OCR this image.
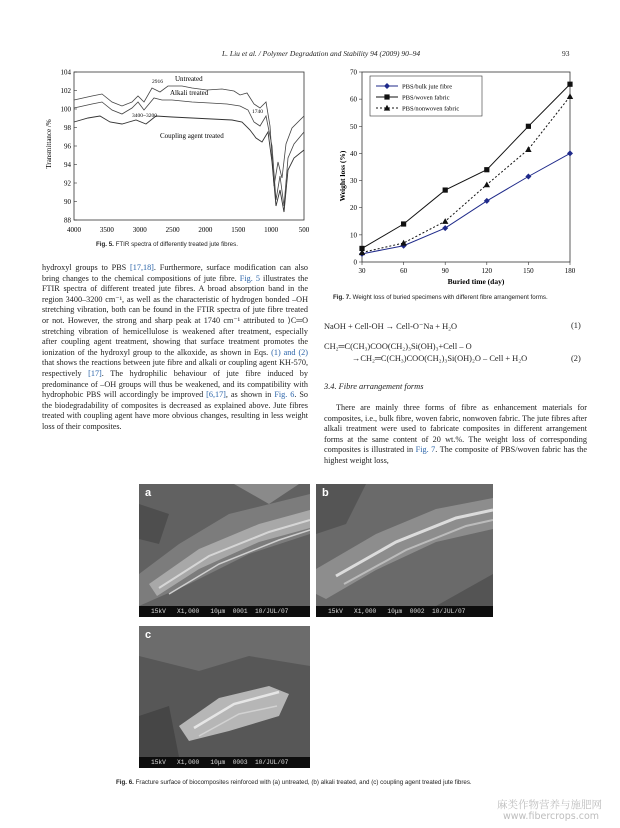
L. Liu et al. / Polymer Degradation and Stability 94 (2009) 90–94	93
Transmittance /%
104
102
100
98
96
94
92
90
88
4000	3500	3000	2500	2000	1500	1000	500
Untreated
2916
Alkali treated
3400~3200
1740
Coupling agent treated
Fig. 5. FTIR spectra of differently treated jute fibres.
0
10
20
30
40
50
60
70
30	60	90	120	150	180
PBS/bulk jute fibre
PBS/woven fabric
PBS/nonwoven fabric
Weight loss (%)
Buried time (day)
Fig. 7. Weight loss of buried specimens with different fibre arrangement forms.

hydroxyl groups to PBS [17,18]. Furthermore, surface modification can also bring changes to the chemical compositions of jute fibre. Fig. 5 illustrates the FTIR spectra of different treated jute fibres. A broad absorption band in the region 3400–3200 cm⁻¹, as well as the characteristic of hydrogen bonded –OH stretching vibration, both can be found in the FTIR spectra of jute fibre treated or not. However, the strong and sharp peak at 1740 cm⁻¹ attributed to ⟩C═O stretching vibration of hemicellulose is weakened after treatment, especially after coupling agent treatment, showing that surface treatment promotes the ionization of the hydroxyl group to the alkoxide, as shown in Eqs. (1) and (2) that shows the reactions between jute fibre and alkali or coupling agent KH-570, respectively [17]. The hydrophilic behaviour of jute fibre induced by predominance of –OH groups will thus be weakened, and its compatibility with hydrophobic PBS will accordingly be improved [6,17], as shown in Fig. 6. So the biodegradability of composites is decreased as explained above. Jute fibres treated with coupling agent have more obvious changes, resulting in less weight loss of their composites.

NaOH + Cell-OH → Cell-O⁻Na + H₂O	(1)
CH₂═C(CH₃)COO(CH₂)₃Si(OH)₃+Cell – O
→CH₂═C(CH₃)COO(CH₂)₃Si(OH)₂O – Cell + H₂O	(2)
3.4. Fibre arrangement forms

There are mainly three forms of fibre as enhancement materials for composites, i.e., bulk fibre, woven fabric, nonwoven fabric. The jute fibres after alkali treatment were used to fabricate composites in different arrangement forms at the same content of 20 wt.%. The weight loss of corresponding composites is illustrated in Fig. 7. The composite of PBS/woven fabric has the highest weight loss,

a
15kV   X1,000   10μm  0001  10/JUL/07
b
15kV   X1,000   10μm  0002  10/JUL/07
c
15kV   X1,000   10μm  0003  10/JUL/07
Fig. 6. Fracture surface of biocomposites reinforced with (a) untreated, (b) alkali treated, and (c) coupling agent treated jute fibres.
麻类作物营养与施肥网
www.fibercrops.com
